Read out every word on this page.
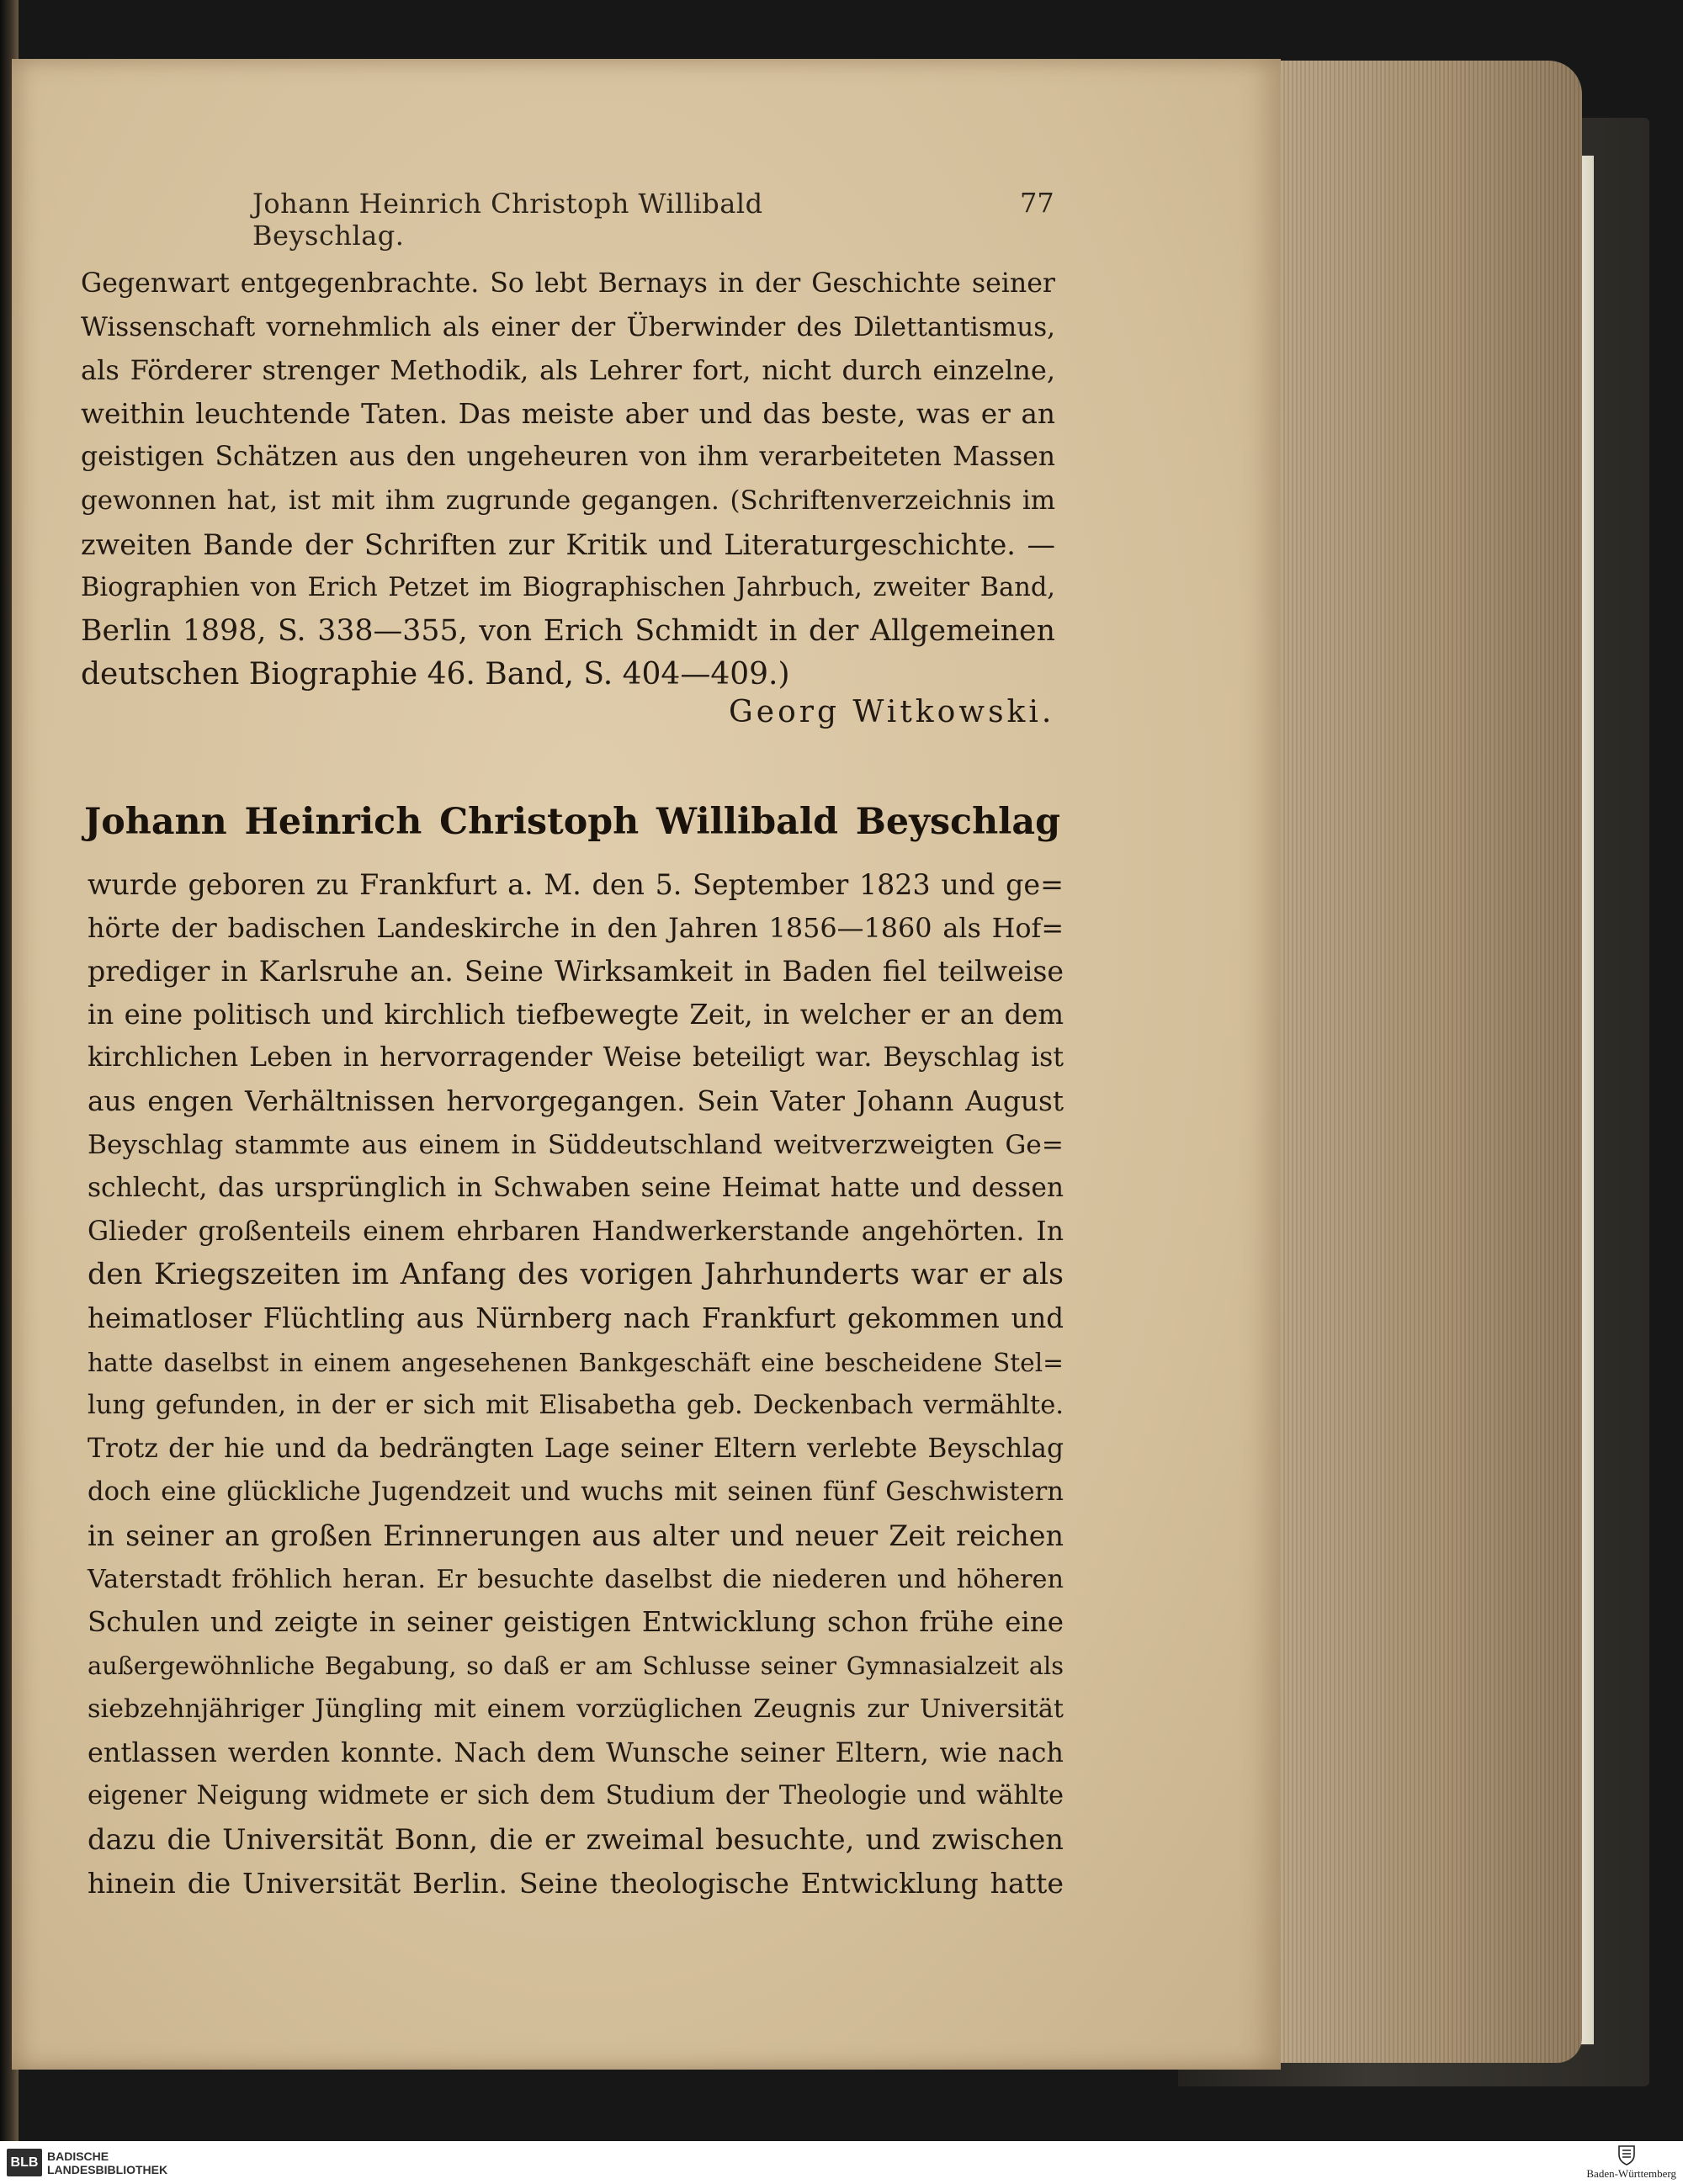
Johann Heinrich Christoph Willibald Beyschlag.
77
Gegenwart entgegenbrachte. So lebt Bernays in der Geschichte seiner
Wissenschaft vornehmlich als einer der Überwinder des Dilettantismus,
als Förderer strenger Methodik, als Lehrer fort, nicht durch einzelne,
weithin leuchtende Taten. Das meiste aber und das beste, was er an
geistigen Schätzen aus den ungeheuren von ihm verarbeiteten Massen
gewonnen hat, ist mit ihm zugrunde gegangen. (Schriftenverzeichnis im
zweiten Bande der Schriften zur Kritik und Literaturgeschichte. —
Biographien von Erich Petzet im Biographischen Jahrbuch, zweiter Band,
Berlin 1898, S. 338—355, von Erich Schmidt in der Allgemeinen
deutschen Biographie 46. Band, S. 404—409.)
Georg Witkowski.
Johann Heinrich Christoph Willibald Beyschlag
wurde geboren zu Frankfurt a. M. den 5. September 1823 und ge=
hörte der badischen Landeskirche in den Jahren 1856—1860 als Hof=
prediger in Karlsruhe an. Seine Wirksamkeit in Baden fiel teilweise
in eine politisch und kirchlich tiefbewegte Zeit, in welcher er an dem
kirchlichen Leben in hervorragender Weise beteiligt war. Beyschlag ist
aus engen Verhältnissen hervorgegangen. Sein Vater Johann August
Beyschlag stammte aus einem in Süddeutschland weitverzweigten Ge=
schlecht, das ursprünglich in Schwaben seine Heimat hatte und dessen
Glieder großenteils einem ehrbaren Handwerkerstande angehörten. In
den Kriegszeiten im Anfang des vorigen Jahrhunderts war er als
heimatloser Flüchtling aus Nürnberg nach Frankfurt gekommen und
hatte daselbst in einem angesehenen Bankgeschäft eine bescheidene Stel=
lung gefunden, in der er sich mit Elisabetha geb. Deckenbach vermählte.
Trotz der hie und da bedrängten Lage seiner Eltern verlebte Beyschlag
doch eine glückliche Jugendzeit und wuchs mit seinen fünf Geschwistern
in seiner an großen Erinnerungen aus alter und neuer Zeit reichen
Vaterstadt fröhlich heran. Er besuchte daselbst die niederen und höheren
Schulen und zeigte in seiner geistigen Entwicklung schon frühe eine
außergewöhnliche Begabung, so daß er am Schlusse seiner Gymnasialzeit als
siebzehnjähriger Jüngling mit einem vorzüglichen Zeugnis zur Universität
entlassen werden konnte. Nach dem Wunsche seiner Eltern, wie nach
eigener Neigung widmete er sich dem Studium der Theologie und wählte
dazu die Universität Bonn, die er zweimal besuchte, und zwischen
hinein die Universität Berlin. Seine theologische Entwicklung hatte
BLB BADISCHE
LANDESBIBLIOTHEK	Baden-Württemberg
